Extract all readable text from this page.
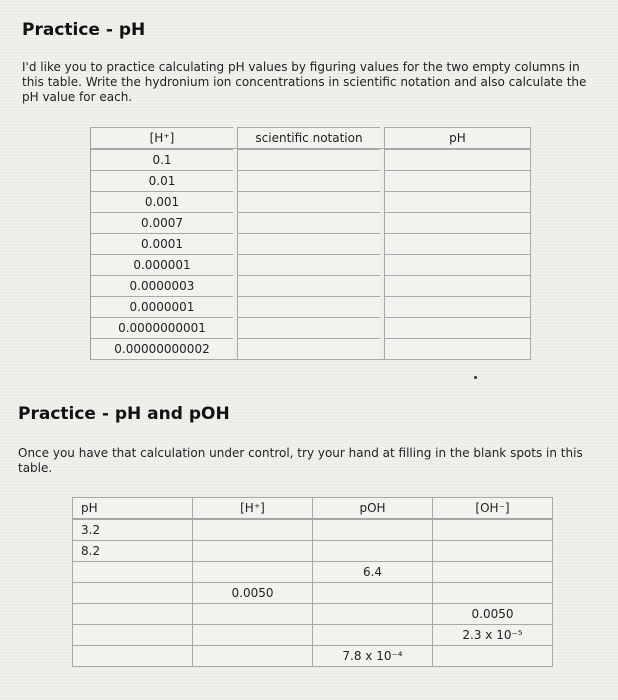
Practice - pH

I'd like you to practice calculating pH values by figuring values for the two empty columns in this table. Write the hydronium ion concentrations in scientific notation and also calculate the pH value for each.

[H⁺]		scientific notation		pH
0.1				
0.01				
0.001				
0.0007				
0.0001				
0.000001				
0.0000003				
0.0000001				
0.0000000001				
0.00000000002				
pH	[H⁺]	pOH	[OH⁻]
3.2			
8.2			
		6.4	
	0.0050		
			0.0050
			2.3 x 10⁻⁵
		7.8 x 10⁻⁴	
Practice - pH and pOH

Once you have that calculation under control, try your hand at filling in the blank spots in this table.
